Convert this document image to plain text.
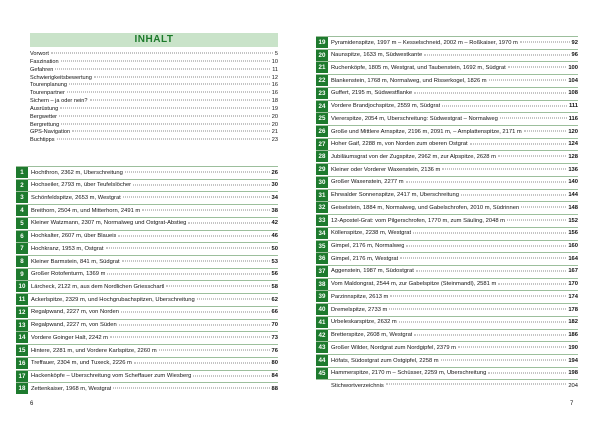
INHALT
Vorwort	5
Faszination	10
Gefahren	11
Schwierigkeitsbewertung	12
Tourenplanung	16
Tourenpartner	16
Sichern – ja oder nein?	18
Ausrüstung	19
Bergwetter	20
Bergrettung	20
GPS-Navigation	21
Buchtipps	23
1	Hochthron, 2362 m, Überschreitung	26
2	Hochseiler, 2793 m, über Teufelslöcher	30
3	Schönfeldspitze, 2653 m, Westgrat	34
4	Breithorn, 2504 m, und Mitterhorn, 2491 m	38
5	Kleiner Watzmann, 2307 m, Normalweg und Ostgrat-Abstieg	42
6	Hochkalter, 2607 m, über Blaueis	46
7	Hochkranz, 1953 m, Ostgrat	50
8	Kleiner Barmstein, 841 m, Südgrat	53
9	Großer Rotofenturm, 1369 m	56
10 Lärcheck, 2122 m, aus dem Nordlichen Griesschartl	58
11 Ackerlspitze, 2329 m, und Hochgrubachspitzen, Überschreitung	62
12 Regalpwand, 2227 m, von Norden	66
13 Regalpwand, 2227 m, von Süden	70
14 Vordere Goinger Halt, 2242 m	73
15 Hintere, 2281 m, und Vordere Karlspitze, 2260 m	76
16 Treffauer, 2304 m, und Tuxeck, 2226 m	80
17 Hackenköpfe – Überschreitung vom Scheffauer zum Wiesberg	84
18 Zettenkaiser, 1968 m, Westgrat	88
6
19 Pyramidenspitze, 1997 m – Kesselschneid, 2002 m – Roßkaiser, 1970 m	92
20 Naunspitze, 1633 m, Südwestkante	96
21 Ruchenköpfe, 1805 m, Westgrat, und Taubenstein, 1692 m, Südgrat	100
22 Blankenstein, 1768 m, Normalweg, und Risserkogel, 1826 m	104
23 Guffert, 2195 m, Südwestflanke	108
24 Vordere Brandjochspitze, 2559 m, Südgrat	111
25 Viererspitze, 2054 m, Überschreitung: Südwestgrat – Normalweg	116
26 Große und Mittlere Arnspitze, 2196 m, 2091 m, – Arnplattenspitze, 2171 m	120
27 Hoher Gaif, 2288 m, von Norden zum oberen Ostgrat	124
28 Jubiläumsgrat von der Zugspitze, 2962 m, zur Alpspitze, 2628 m	128
29 Kleiner oder Vorderer Waxenstein, 2136 m	136
30 Großer Waxenstein, 2277 m	140
31 Ehrwalder Sonnenspitze, 2417 m, Überschreitung	144
32 Geiselstein, 1884 m, Normalweg, und Gabelschrofen, 2010 m, Südrinnen	148
33 12-Apostel-Grat: vom Pilgerschrofen, 1770 m, zum Säuling, 2048 m	152
34 Köllenspitze, 2238 m, Westgrat	156
35 Gimpel, 2176 m, Normalweg	160
36 Gimpel, 2176 m, Westgrat	164
37 Aggenstein, 1987 m, Südostgrat	167
38 Vom Maldongrat, 2544 m, zur Gabelspitze (Steinmandl), 2581 m	170
39 Parzinnspitze, 2613 m	174
40 Dremelspitze, 2733 m	178
41 Urbeleskarspitze, 2632 m	182
42 Bretterspitze, 2608 m, Westgrat	186
43 Großer Wilder, Nordgrat zum Nordgipfel, 2379 m	190
44 Höfats, Südostgrat zum Ostgipfel, 2258 m	194
45 Hammerspitze, 2170 m – Schüsser, 2259 m, Überschreitung	198
Stichwortverzeichnis	204
7
